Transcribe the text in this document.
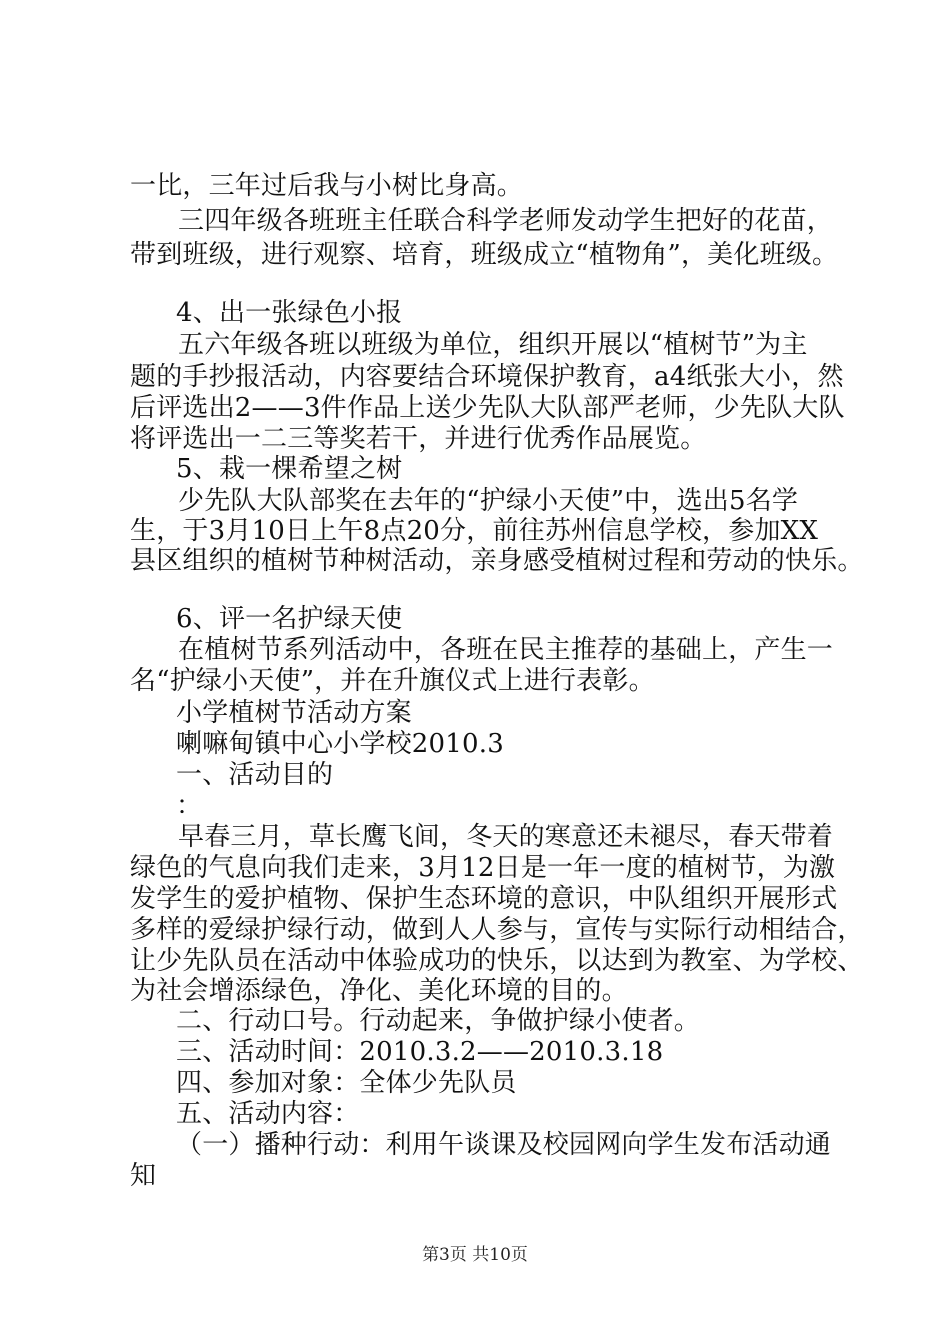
一比，三年过后我与小树比身高。
三四年级各班班主任联合科学老师发动学生把好的花苗，
带到班级，进行观察、培育，班级成立“植物角”，美化班级。
4、出一张绿色小报
五六年级各班以班级为单位，组织开展以“植树节”为主
题的手抄报活动，内容要结合环境保护教育，a4纸张大小，然
后评选出2——3件作品上送少先队大队部严老师，少先队大队
将评选出一二三等奖若干，并进行优秀作品展览。
5、栽一棵希望之树
少先队大队部奖在去年的“护绿小天使”中，选出5名学
生，于3月10日上午8点20分，前往苏州信息学校，参加XX
县区组织的植树节种树活动，亲身感受植树过程和劳动的快乐。
6、评一名护绿天使
在植树节系列活动中，各班在民主推荐的基础上，产生一
名“护绿小天使”，并在升旗仪式上进行表彰。
小学植树节活动方案
喇嘛甸镇中心小学校2010.3
一、活动目的
：
早春三月，草长鹰飞间，冬天的寒意还未褪尽，春天带着
绿色的气息向我们走来，3月12日是一年一度的植树节，为激
发学生的爱护植物、保护生态环境的意识，中队组织开展形式
多样的爱绿护绿行动，做到人人参与，宣传与实际行动相结合，
让少先队员在活动中体验成功的快乐，以达到为教室、为学校、
为社会增添绿色，净化、美化环境的目的。
二、行动口号。行动起来，争做护绿小使者。
三、活动时间：2010.3.2——2010.3.18
四、参加对象：全体少先队员
五、活动内容：
（一）播种行动：利用午谈课及校园网向学生发布活动通
知
第3页 共10页
